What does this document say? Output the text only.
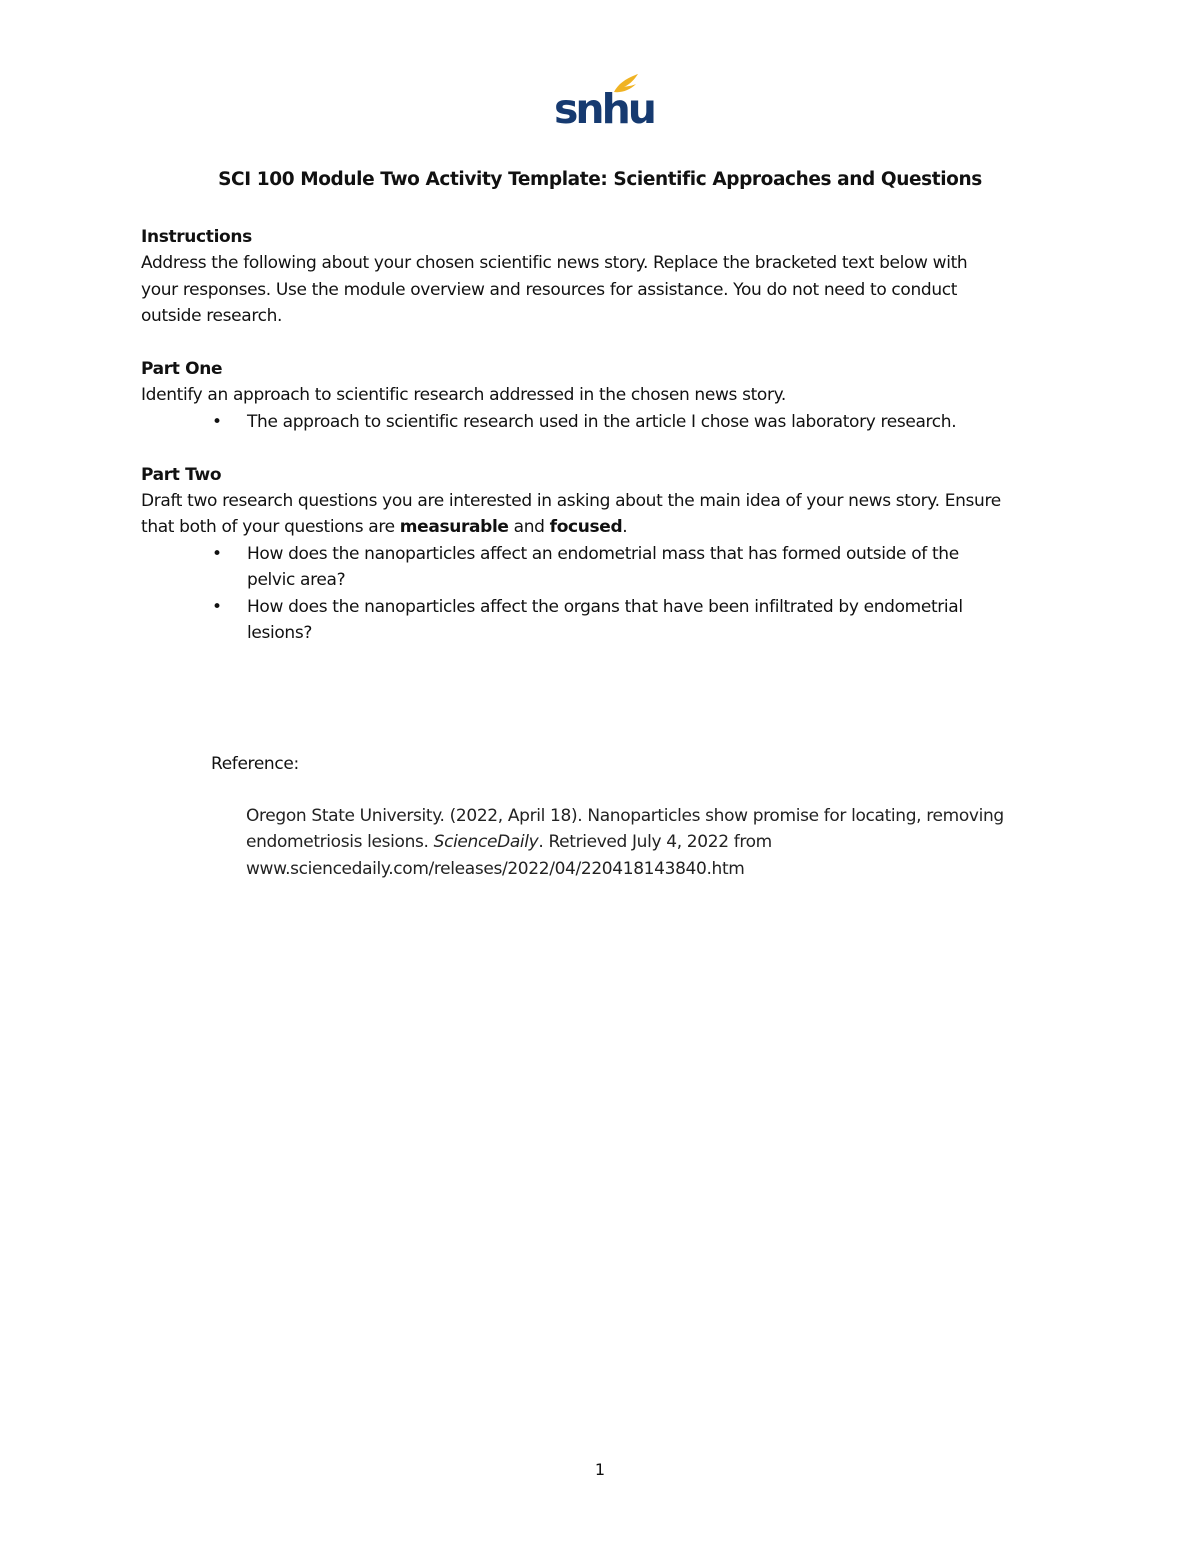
snhu
SCI 100 Module Two Activity Template: Scientific Approaches and Questions
Instructions

Address the following about your chosen scientific news story. Replace the bracketed text below with

your responses. Use the module overview and resources for assistance. You do not need to conduct

outside research.

Part One

Identify an approach to scientific research addressed in the chosen news story.

• The approach to scientific research used in the article I chose was laboratory research.
Part Two

Draft two research questions you are interested in asking about the main idea of your news story. Ensure

that both of your questions are measurable and focused.

• How does the nanoparticles affect an endometrial mass that has formed outside of the
pelvic area?
• How does the nanoparticles affect the organs that have been infiltrated by endometrial
lesions?
Reference:
Oregon State University. (2022, April 18). Nanoparticles show promise for locating, removing
endometriosis lesions. ScienceDaily. Retrieved July 4, 2022 from
www.sciencedaily.com/releases/2022/04/220418143840.htm
1
